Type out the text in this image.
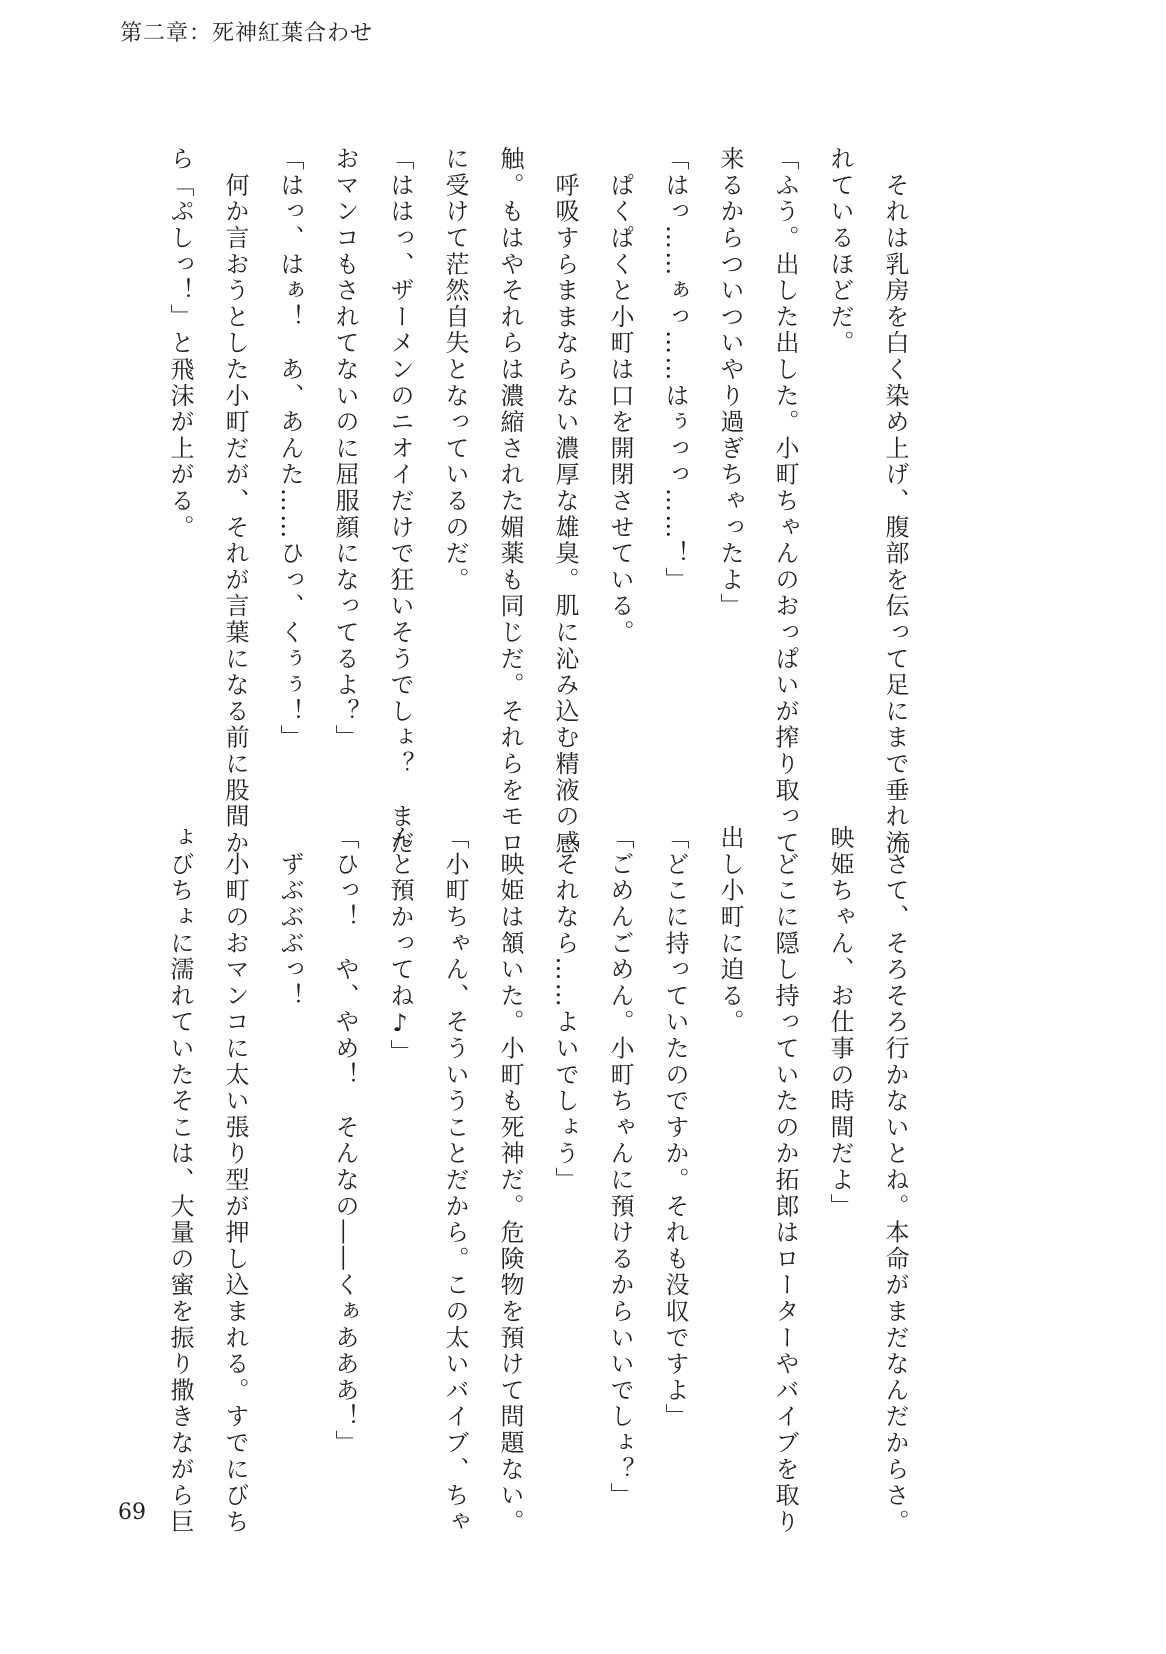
第二章：死神紅葉合わせ
　それは乳房を白く染め上げ、腹部を伝って足にまで垂れ流
れているほどだ。
「ふう。出した出した。小町ちゃんのおっぱいが搾り取って
来るからついついやり過ぎちゃったよ」
「はっ……ぁっ……はぅっっ……！」
　ぱくぱくと小町は口を開閉させている。
　呼吸すらままならない濃厚な雄臭。肌に沁み込む精液の感
触。もはやそれらは濃縮された媚薬も同じだ。それらをモロ
に受けて茫然自失となっているのだ。
「ははっ、ザーメンのニオイだけで狂いそうでしょ？　まだ
おマンコもされてないのに屈服顔になってるよ？」
「はっ、はぁ！　あ、あんた……ひっ、くぅぅ！」
　何か言おうとした小町だが、それが言葉になる前に股間か
ら「ぷしっ！」と飛沫が上がる。
「さて、そろそろ行かないとね。本命がまだなんだからさ。
映姫ちゃん、お仕事の時間だよ」
　どこに隠し持っていたのか拓郎はローターやバイブを取り
出し小町に迫る。
「どこに持っていたのですか。それも没収ですよ」
「ごめんごめん。小町ちゃんに預けるからいいでしょ？」
「それなら……よいでしょう」
　映姫は頷いた。小町も死神だ。危険物を預けて問題ない。
「小町ちゃん、そういうことだから。この太いバイブ、ちゃ
んと預かってね♪」
「ひっ！　や、やめ！　そんなの――くぁあああ！」
　ずぶぶぶっ！
　小町のおマンコに太い張り型が押し込まれる。すでにびち
ょびちょに濡れていたそこは、大量の蜜を振り撒きながら巨
69
